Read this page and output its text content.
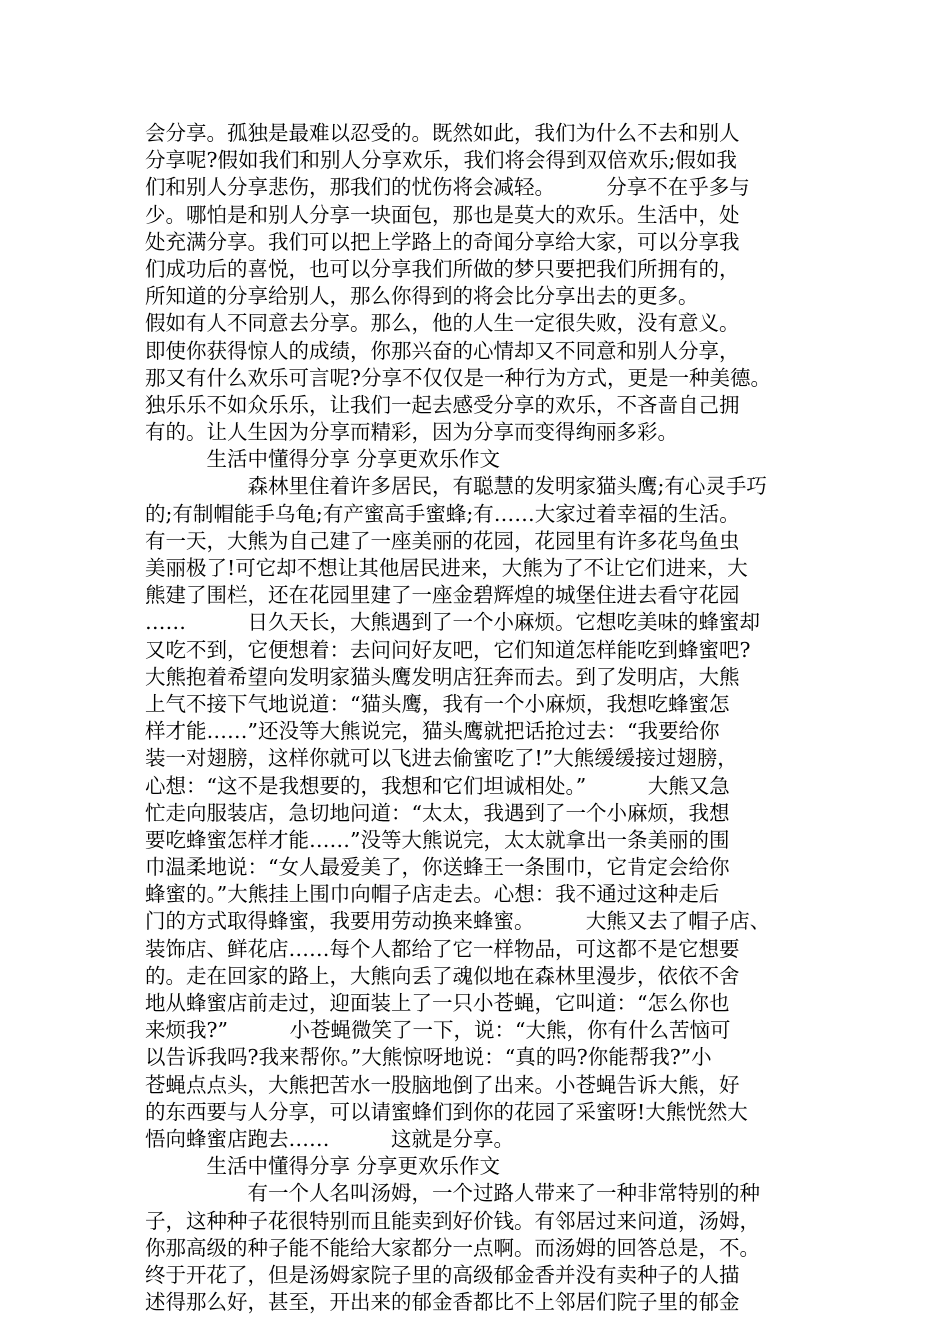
会分享。孤独是最难以忍受的。既然如此，我们为什么不去和别人
分享呢?假如我们和别人分享欢乐，我们将会得到双倍欢乐;假如我
们和别人分享悲伤，那我们的忧伤将会减轻。　　　分享不在乎多与
少。哪怕是和别人分享一块面包，那也是莫大的欢乐。生活中，处
处充满分享。我们可以把上学路上的奇闻分享给大家，可以分享我
们成功后的喜悦，也可以分享我们所做的梦只要把我们所拥有的，
所知道的分享给别人，那么你得到的将会比分享出去的更多。
假如有人不同意去分享。那么，他的人生一定很失败，没有意义。
即使你获得惊人的成绩，你那兴奋的心情却又不同意和别人分享，
那又有什么欢乐可言呢?分享不仅仅是一种行为方式，更是一种美德。
独乐乐不如众乐乐，让我们一起去感受分享的欢乐，不吝啬自己拥
有的。让人生因为分享而精彩，因为分享而变得绚丽多彩。
　　　生活中懂得分享 分享更欢乐作文
　　　　　森林里住着许多居民，有聪慧的发明家猫头鹰;有心灵手巧
的;有制帽能手乌龟;有产蜜高手蜜蜂;有……大家过着幸福的生活。
有一天，大熊为自己建了一座美丽的花园，花园里有许多花鸟鱼虫
美丽极了!可它却不想让其他居民进来，大熊为了不让它们进来，大
熊建了围栏，还在花园里建了一座金碧辉煌的城堡住进去看守花园
……　　　日久天长，大熊遇到了一个小麻烦。它想吃美味的蜂蜜却
又吃不到，它便想着：去问问好友吧，它们知道怎样能吃到蜂蜜吧?
大熊抱着希望向发明家猫头鹰发明店狂奔而去。到了发明店，大熊
上气不接下气地说道：“猫头鹰，我有一个小麻烦，我想吃蜂蜜怎
样才能……”还没等大熊说完，猫头鹰就把话抢过去：“我要给你
装一对翅膀，这样你就可以飞进去偷蜜吃了!”大熊缓缓接过翅膀，
心想：“这不是我想要的，我想和它们坦诚相处。”　　　大熊又急
忙走向服装店，急切地问道：“太太，我遇到了一个小麻烦，我想
要吃蜂蜜怎样才能……”没等大熊说完，太太就拿出一条美丽的围
巾温柔地说：“女人最爱美了，你送蜂王一条围巾，它肯定会给你
蜂蜜的。”大熊挂上围巾向帽子店走去。心想：我不通过这种走后
门的方式取得蜂蜜，我要用劳动换来蜂蜜。　　　大熊又去了帽子店、
装饰店、鲜花店……每个人都给了它一样物品，可这都不是它想要
的。走在回家的路上，大熊向丢了魂似地在森林里漫步，依依不舍
地从蜂蜜店前走过，迎面装上了一只小苍蝇，它叫道：“怎么你也
来烦我?”　　　小苍蝇微笑了一下，说：“大熊，你有什么苦恼可
以告诉我吗?我来帮你。”大熊惊呀地说：“真的吗?你能帮我?”小
苍蝇点点头，大熊把苦水一股脑地倒了出来。小苍蝇告诉大熊，好
的东西要与人分享，可以请蜜蜂们到你的花园了采蜜呀!大熊恍然大
悟向蜂蜜店跑去……　　　这就是分享。
　　　生活中懂得分享 分享更欢乐作文
　　　　　有一个人名叫汤姆，一个过路人带来了一种非常特别的种
子，这种种子花很特别而且能卖到好价钱。有邻居过来问道，汤姆，
你那高级的种子能不能给大家都分一点啊。而汤姆的回答总是，不。
终于开花了，但是汤姆家院子里的高级郁金香并没有卖种子的人描
述得那么好，甚至，开出来的郁金香都比不上邻居们院子里的郁金
